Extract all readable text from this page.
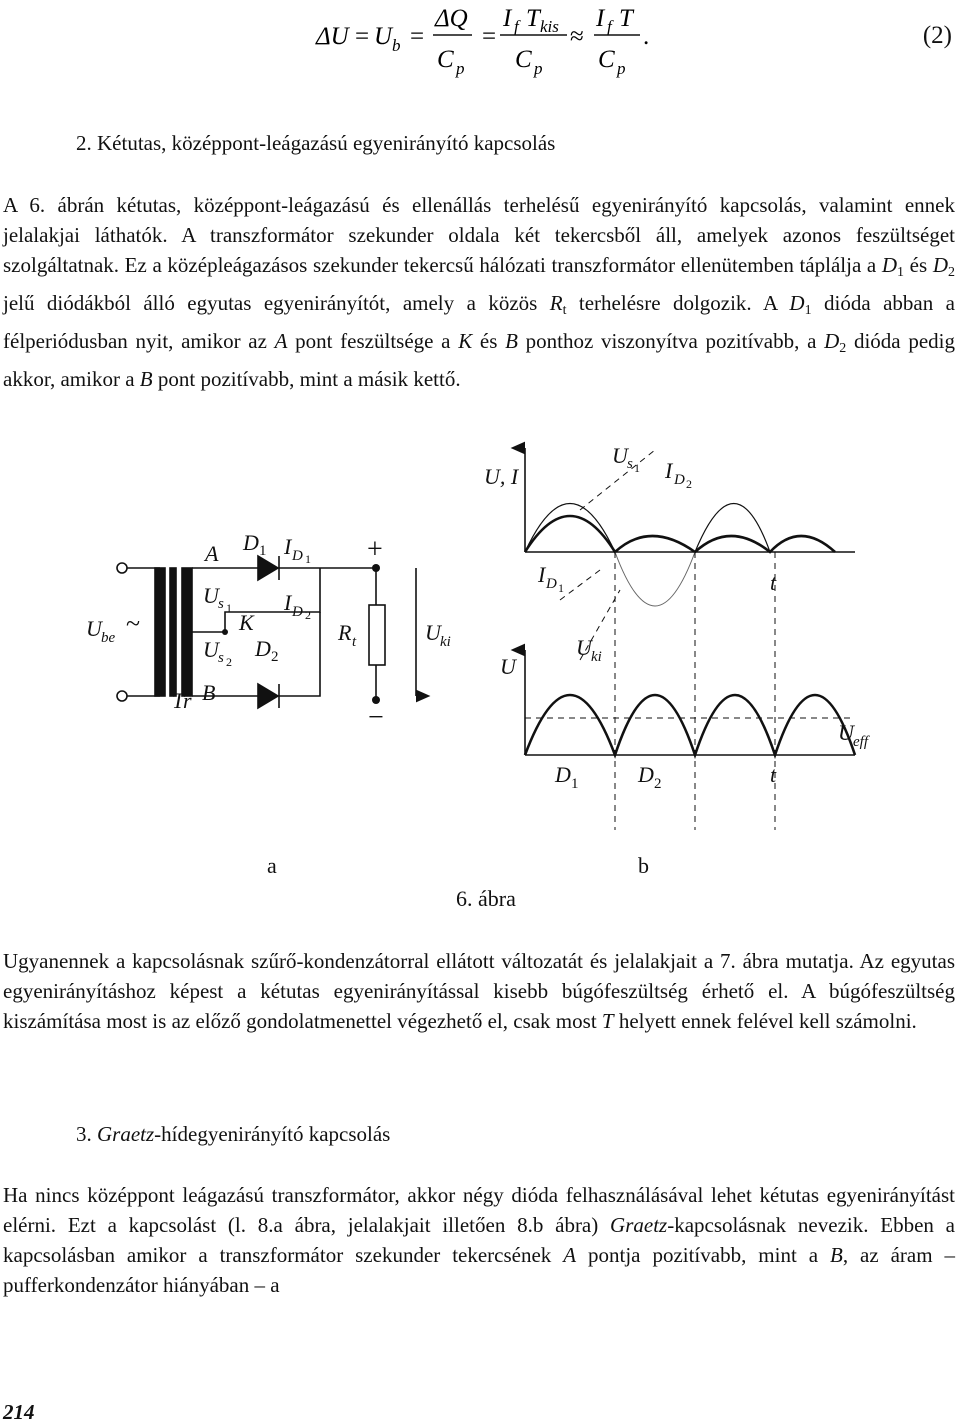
ΔU = U b =
ΔQ
C p
=
I f T kis
C p
≈
I f T
C p
.	(2)
2. Kétutas, középpont-leágazású egyenirányító kapcsolás

A 6. ábrán kétutas, középpont-leágazású és ellenállás terhelésű egyenirányító kapcsolás, valamint ennek jelalakjai láthatók. A transzformátor szekunder oldala két tekercsből áll, amelyek azonos feszültséget szolgáltatnak. Ez a középleágazásos szekunder tekercsű hálózati transzformátor ellenütemben táplálja a $D_1$ és $D_2$ jelű diódákból álló egyutas egyenirányítót, amely a közös $R_t$ terhelésre dolgozik. A $D_1$ dióda abban a félperiódusban nyit, amikor az A pont feszültsége a K és B ponthoz viszonyítva pozitívabb, a $D_2$ dióda pedig akkor, amikor a B pont pozitívabb, mint a másik kettő.

U be ~
Tr
A
B
K
U s 1
U s 2
D 1
D 2
I D 1
I D 2
R t	U ki
+
−
U, I
U s 1 I D 2
I D 1	t
U
U ki
U eff
D 1	D 2	t
a	b
6. ábra

Ugyanennek a kapcsolásnak szűrő-kondenzátorral ellátott változatát és jelalakjait a 7. ábra mutatja. Az egyutas egyenirányításhoz képest a kétutas egyenirányítással kisebb búgófeszültség érhető el. A búgófeszültség kiszámítása most is az előző gondolatmenettel végezhető el, csak most T helyett ennek felével kell számolni.

3. Graetz-hídegyenirányító kapcsolás

Ha nincs középpont leágazású transzformátor, akkor négy dióda felhasználásával lehet kétutas egyenirányítást elérni. Ezt a kapcsolást (l. 8.a ábra, jelalakjait illetően 8.b ábra) Graetz-kapcsolásnak nevezik. Ebben a kapcsolásban amikor a transzformátor szekunder tekercsének A pontja pozitívabb, mint a B, az áram – pufferkondenzátor hiányában – a

214
